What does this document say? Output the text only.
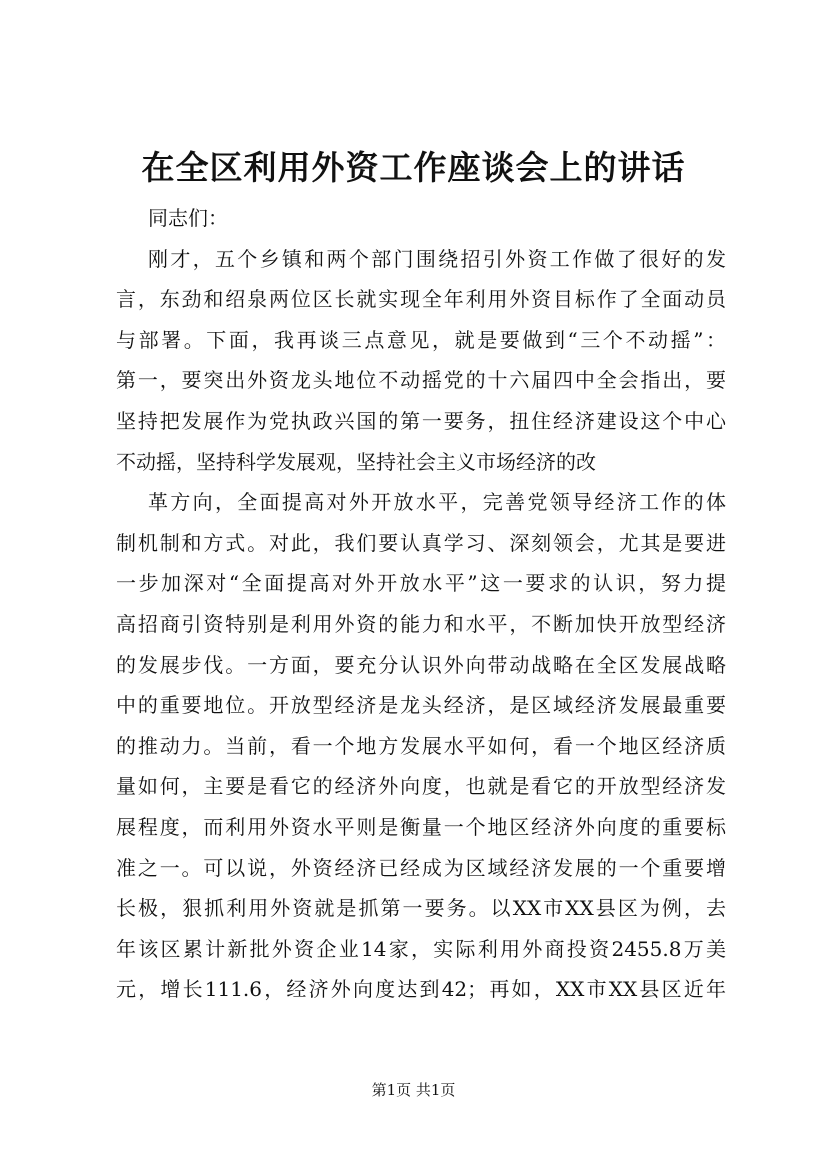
在全区利用外资工作座谈会上的讲话
同志们：
刚才，五个乡镇和两个部门围绕招引外资工作做了很好的发
言，东劲和绍泉两位区长就实现全年利用外资目标作了全面动员
与部署。下面，我再谈三点意见，就是要做到“三个不动摇”：
第一，要突出外资龙头地位不动摇党的十六届四中全会指出，要
坚持把发展作为党执政兴国的第一要务，扭住经济建设这个中心
不动摇，坚持科学发展观，坚持社会主义市场经济的改
革方向，全面提高对外开放水平，完善党领导经济工作的体
制机制和方式。对此，我们要认真学习、深刻领会，尤其是要进
一步加深对“全面提高对外开放水平”这一要求的认识，努力提
高招商引资特别是利用外资的能力和水平，不断加快开放型经济
的发展步伐。一方面，要充分认识外向带动战略在全区发展战略
中的重要地位。开放型经济是龙头经济，是区域经济发展最重要
的推动力。当前，看一个地方发展水平如何，看一个地区经济质
量如何，主要是看它的经济外向度，也就是看它的开放型经济发
展程度，而利用外资水平则是衡量一个地区经济外向度的重要标
准之一。可以说，外资经济已经成为区域经济发展的一个重要增
长极，狠抓利用外资就是抓第一要务。以XX市XX县区为例，去
年该区累计新批外资企业14家，实际利用外商投资2455.8万美
元，增长111.6，经济外向度达到42；再如，XX市XX县区近年
第1页 共1页
